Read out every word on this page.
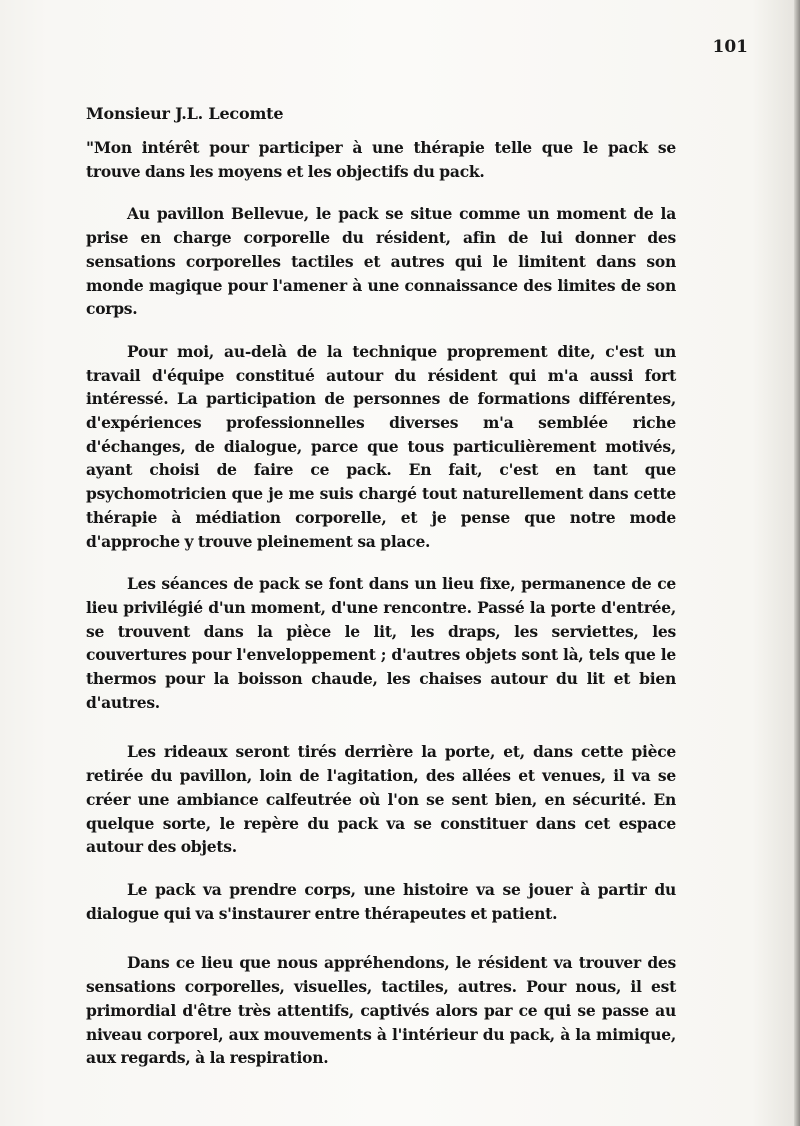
101
Monsieur J.L. Lecomte

"Mon intérêt pour participer à une thérapie telle que le pack se trouve dans les moyens et les objectifs du pack.

Au pavillon Bellevue, le pack se situe comme un moment de la prise en charge corporelle du résident, afin de lui donner des sensations corporelles tactiles et autres qui le limitent dans son monde magique pour l'amener à une connaissance des limites de son corps.

Pour moi, au-delà de la technique proprement dite, c'est un travail d'équipe constitué autour du résident qui m'a aussi fort intéressé. La participation de personnes de formations différentes, d'expériences professionnelles diverses m'a semblée riche d'échanges, de dialogue, parce que tous particulièrement motivés, ayant choisi de faire ce pack. En fait, c'est en tant que psychomotricien que je me suis chargé tout naturellement dans cette thérapie à médiation corporelle, et je pense que notre mode d'approche y trouve pleinement sa place.

Les séances de pack se font dans un lieu fixe, permanence de ce lieu privilégié d'un moment, d'une rencontre. Passé la porte d'entrée, se trouvent dans la pièce le lit, les draps, les serviettes, les couvertures pour l'enveloppement ; d'autres objets sont là, tels que le thermos pour la boisson chaude, les chaises autour du lit et bien d'autres.

Les rideaux seront tirés derrière la porte, et, dans cette pièce retirée du pavillon, loin de l'agitation, des allées et venues, il va se créer une ambiance calfeutrée où l'on se sent bien, en sécurité. En quelque sorte, le repère du pack va se constituer dans cet espace autour des objets.

Le pack va prendre corps, une histoire va se jouer à partir du dialogue qui va s'instaurer entre thérapeutes et patient.

Dans ce lieu que nous appréhendons, le résident va trouver des sensations corporelles, visuelles, tactiles, autres. Pour nous, il est primordial d'être très attentifs, captivés alors par ce qui se passe au niveau corporel, aux mouvements à l'intérieur du pack, à la mimique, aux regards, à la respiration.
